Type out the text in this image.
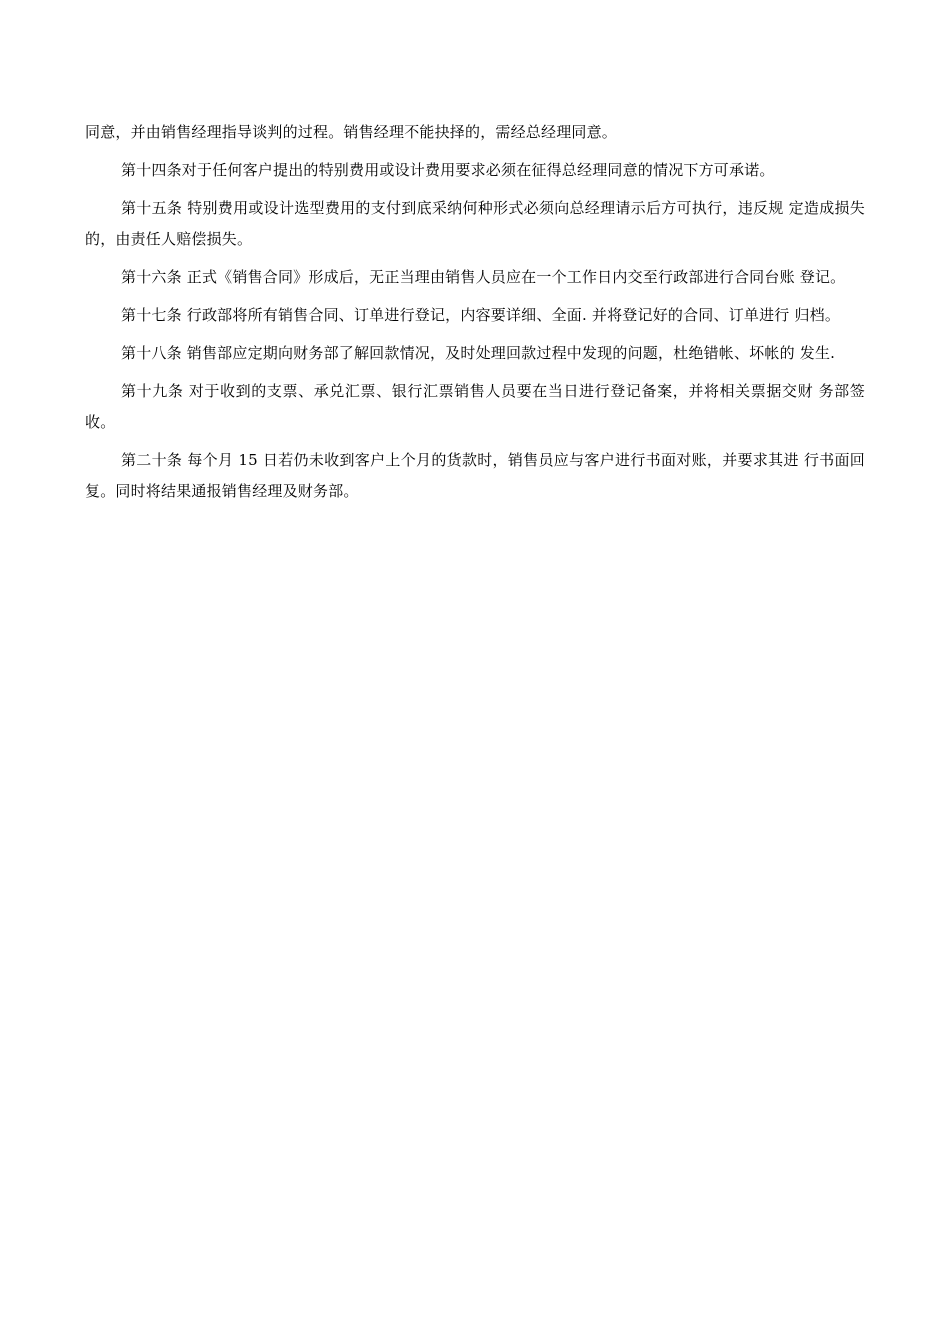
同意，并由销售经理指导谈判的过程。销售经理不能抉择的，需经总经理同意。

第十四条对于任何客户提出的特别费用或设计费用要求必须在征得总经理同意的情况下方可承诺。

第十五条 特别费用或设计选型费用的支付到底采纳何种形式必须向总经理请示后方可执行，违反规 定造成损失的，由责任人赔偿损失。

第十六条 正式《销售合同》形成后，无正当理由销售人员应在一个工作日内交至行政部进行合同台账 登记。

第十七条 行政部将所有销售合同、订单进行登记，内容要详细、全面. 并将登记好的合同、订单进行 归档。

第十八条 销售部应定期向财务部了解回款情况，及时处理回款过程中发现的问题，杜绝错帐、坏帐的 发生.

第十九条 对于收到的支票、承兑汇票、银行汇票销售人员要在当日进行登记备案，并将相关票据交财 务部签收。

第二十条 每个月 15 日若仍未收到客户上个月的货款时，销售员应与客户进行书面对账，并要求其进 行书面回复。同时将结果通报销售经理及财务部。
